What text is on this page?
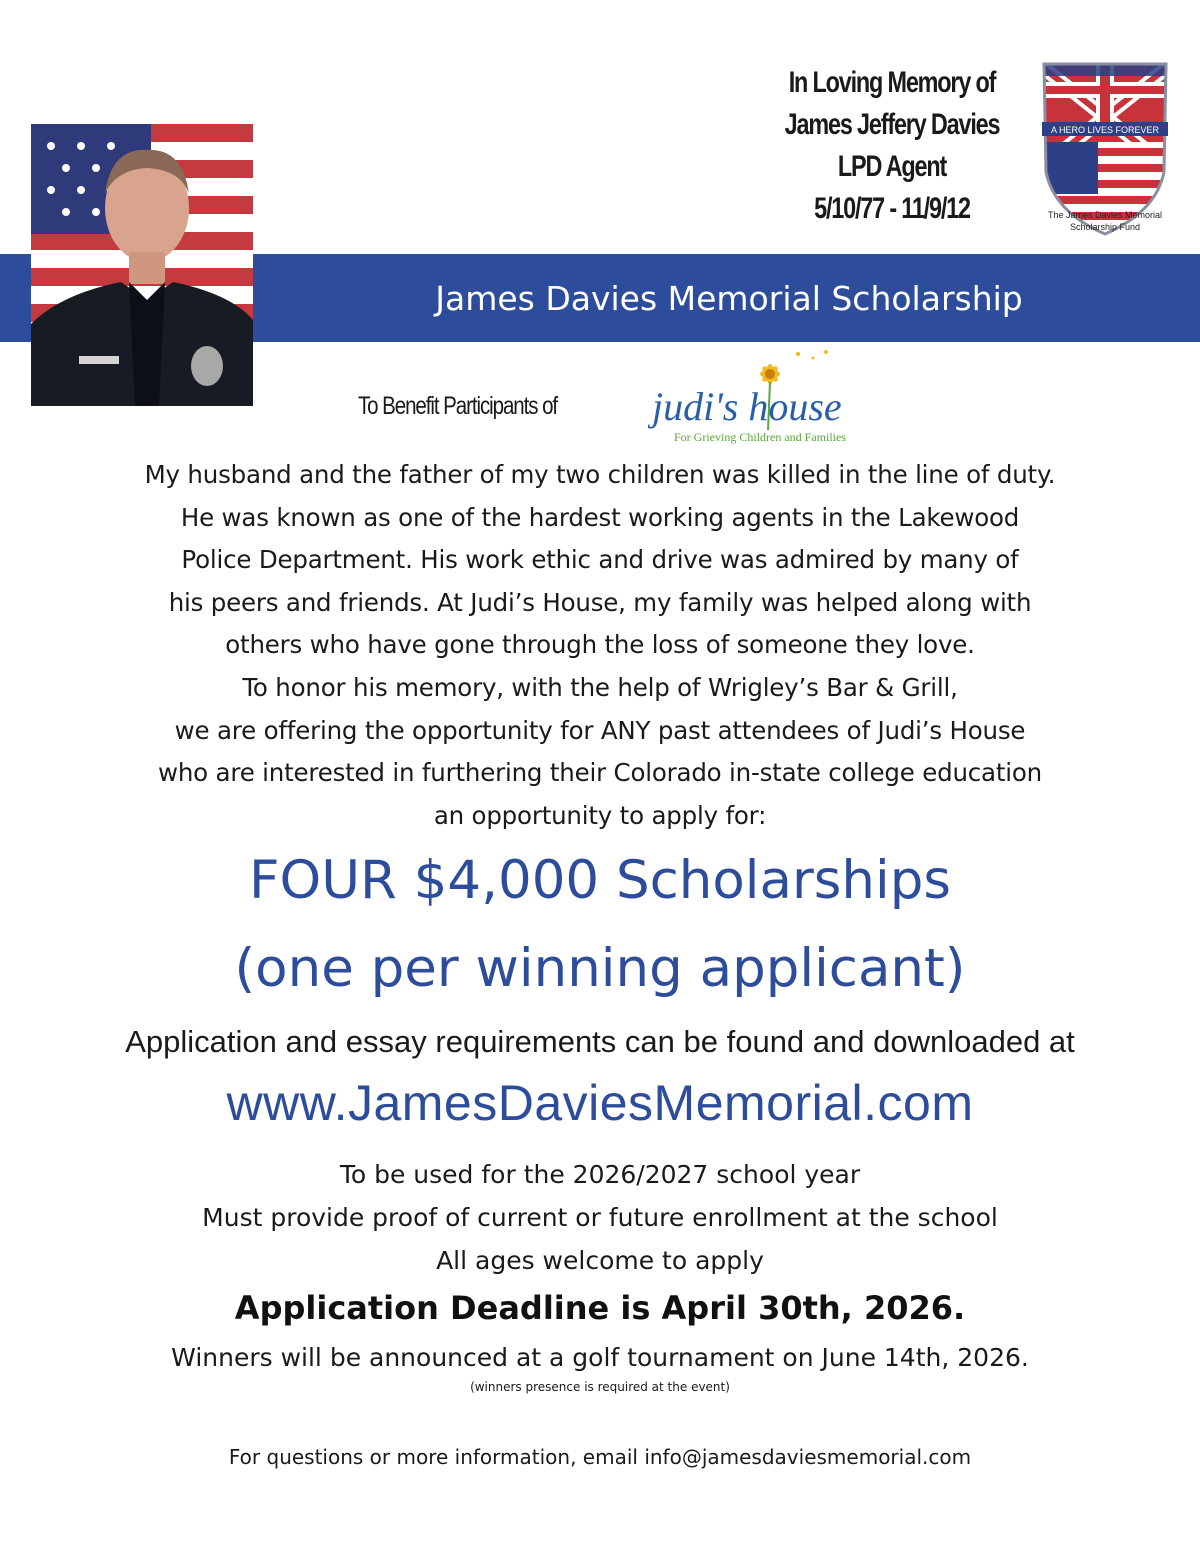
In Loving Memory of
James Jeffery Davies
LPD Agent
5/10/77 - 11/9/12
A HERO LIVES FOREVER
The James Davies Memorial
Scholarship Fund
James Davies Memorial Scholarship
To Benefit Participants of	judi's house
For Grieving Children and Families
My husband and the father of my two children was killed in the line of duty.
He was known as one of the hardest working agents in the Lakewood
Police Department. His work ethic and drive was admired by many of
his peers and friends. At Judi’s House, my family was helped along with
others who have gone through the loss of someone they love.
To honor his memory, with the help of Wrigley’s Bar & Grill,
we are offering the opportunity for ANY past attendees of Judi’s House
who are interested in furthering their Colorado in-state college education
an opportunity to apply for:
FOUR $4,000 Scholarships
(one per winning applicant)
Application and essay requirements can be found and downloaded at
www.JamesDaviesMemorial.com
To be used for the 2026/2027 school year
Must provide proof of current or future enrollment at the school
All ages welcome to apply
Application Deadline is April 30th, 2026.
Winners will be announced at a golf tournament on June 14th, 2026.
(winners presence is required at the event)
For questions or more information, email info@jamesdaviesmemorial.com
